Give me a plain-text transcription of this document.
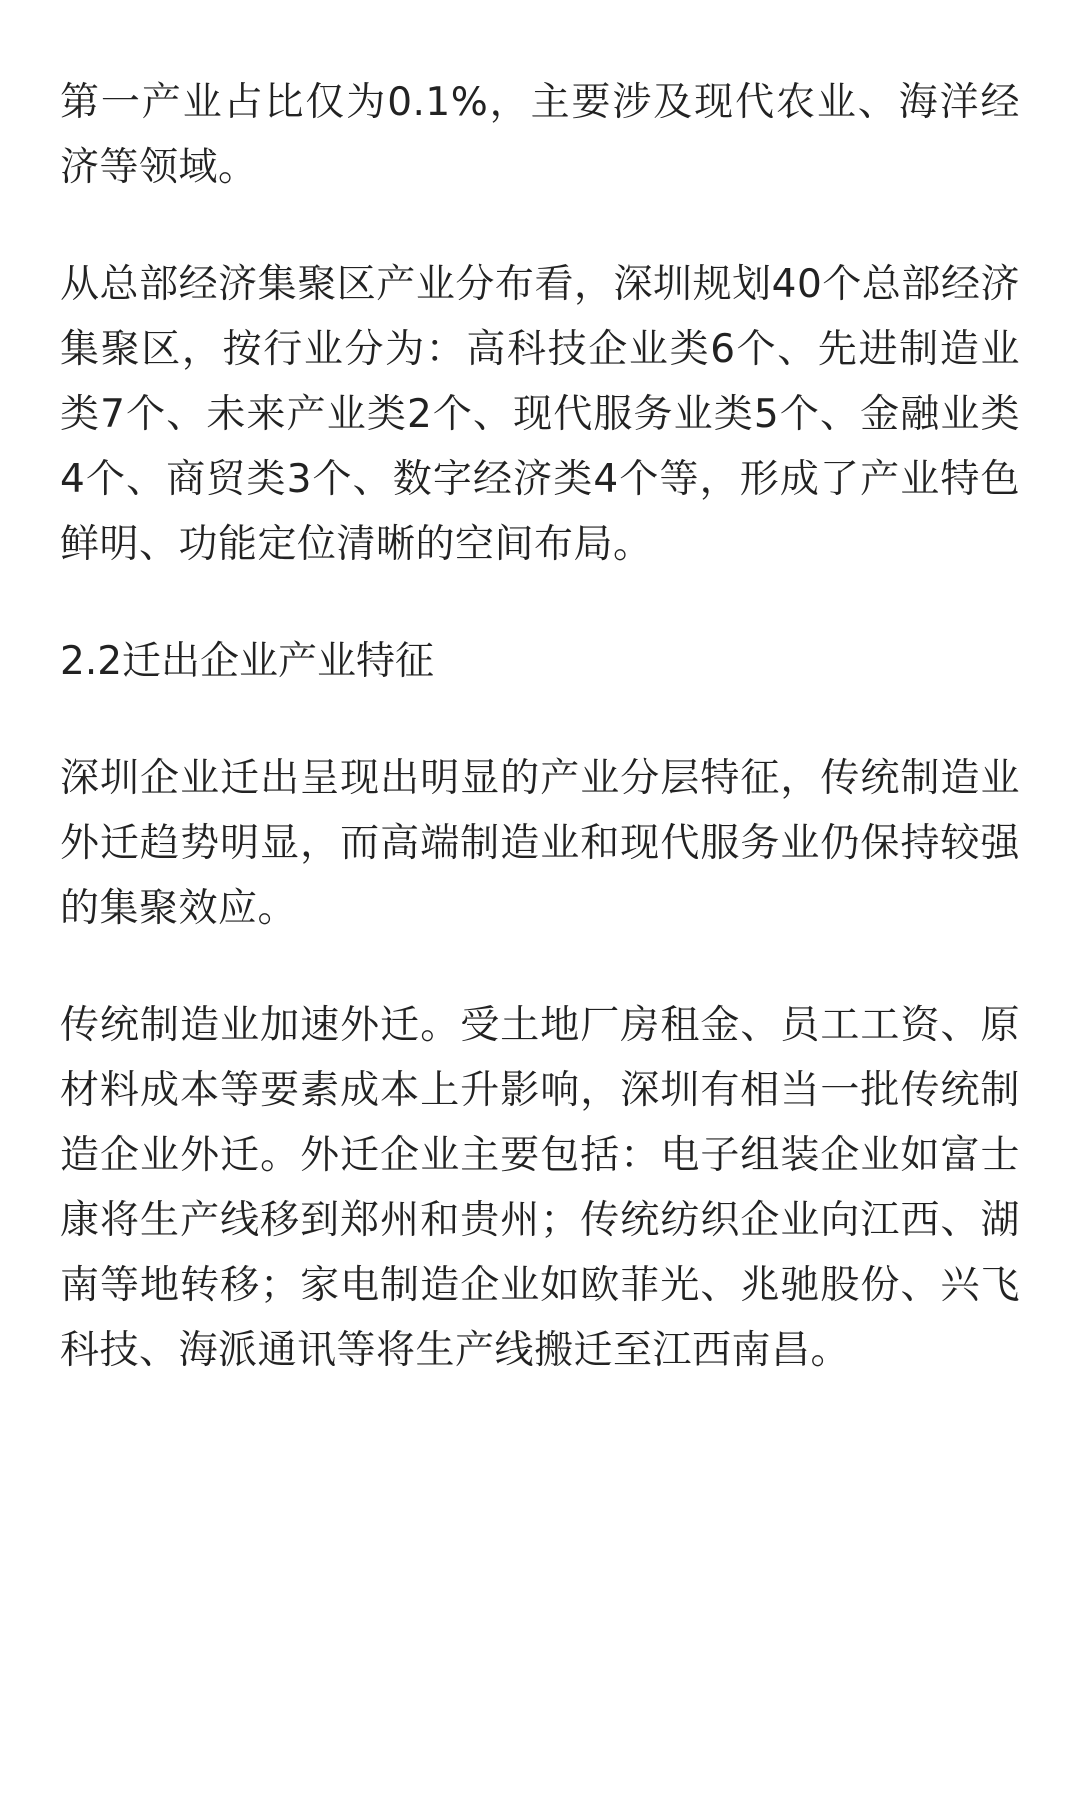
第一产业占比仅为0.1%，主要涉及现代农业、海洋经济等领域。

从总部经济集聚区产业分布看，深圳规划40个总部经济集聚区，按行业分为：高科技企业类6个、先进制造业类7个、未来产业类2个、现代服务业类5个、金融业类4个、商贸类3个、数字经济类4个等，形成了产业特色鲜明、功能定位清晰的空间布局。

2.2迁出企业产业特征

深圳企业迁出呈现出明显的产业分层特征，传统制造业外迁趋势明显，而高端制造业和现代服务业仍保持较强的集聚效应。

传统制造业加速外迁。受土地厂房租金、员工工资、原材料成本等要素成本上升影响，深圳有相当一批传统制造企业外迁。外迁企业主要包括：电子组装企业如富士康将生产线移到郑州和贵州；传统纺织企业向江西、湖南等地转移；家电制造企业如欧菲光、兆驰股份、兴飞科技、海派通讯等将生产线搬迁至江西南昌。
